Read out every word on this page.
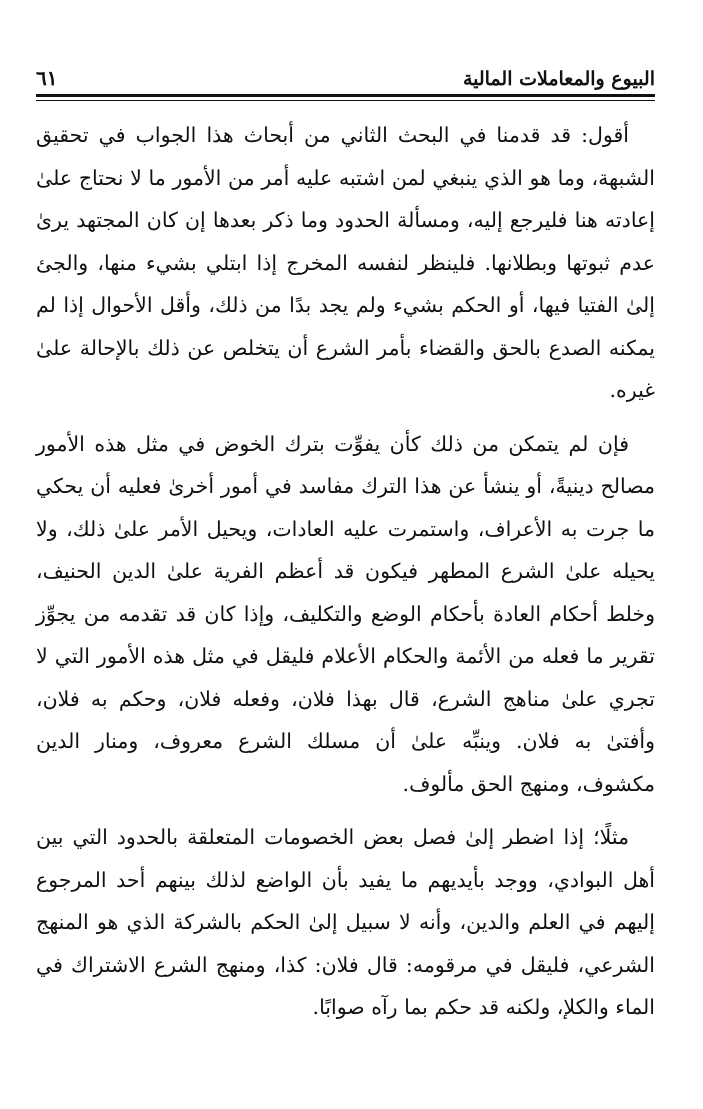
البيوع والمعاملات المالية
٦١

أقول: قد قدمنا في البحث الثاني من أبحاث هذا الجواب في تحقيق الشبهة، وما هو الذي ينبغي لمن اشتبه عليه أمر من الأمور ما لا نحتاج علىٰ إعادته هنا فليرجع إليه، ومسألة الحدود وما ذكر بعدها إن كان المجتهد يرىٰ عدم ثبوتها وبطلانها. فلينظر لنفسه المخرج إذا ابتلي بشيء منها، والجئ إلىٰ الفتيا فيها، أو الحكم بشيء ولم يجد بدًا من ذلك، وأقل الأحوال إذا لم يمكنه الصدع بالحق والقضاء بأمر الشرع أن يتخلص عن ذلك بالإحالة علىٰ غيره.

فإن لم يتمكن من ذلك كأن يفوِّت بترك الخوض في مثل هذه الأمور مصالح دينيةً، أو ينشأ عن هذا الترك مفاسد في أمور أخرىٰ فعليه أن يحكي ما جرت به الأعراف، واستمرت عليه العادات، ويحيل الأمر علىٰ ذلك، ولا يحيله علىٰ الشرع المطهر فيكون قد أعظم الفرية علىٰ الدين الحنيف، وخلط أحكام العادة بأحكام الوضع والتكليف، وإذا كان قد تقدمه من يجوِّز تقرير ما فعله من الأئمة والحكام الأعلام فليقل في مثل هذه الأمور التي لا تجري علىٰ مناهج الشرع، قال بهذا فلان، وفعله فلان، وحكم به فلان، وأفتىٰ به فلان. وينبِّه علىٰ أن مسلك الشرع معروف، ومنار الدين مكشوف، ومنهج الحق مألوف.

مثلًا؛ إذا اضطر إلىٰ فصل بعض الخصومات المتعلقة بالحدود التي بين أهل البوادي، ووجد بأيديهم ما يفيد بأن الواضع لذلك بينهم أحد المرجوع إليهم في العلم والدين، وأنه لا سبيل إلىٰ الحكم بالشركة الذي هو المنهج الشرعي، فليقل في مرقومه: قال فلان: كذا، ومنهج الشرع الاشتراك في الماء والكلإ، ولكنه قد حكم بما رآه صوابًا.
